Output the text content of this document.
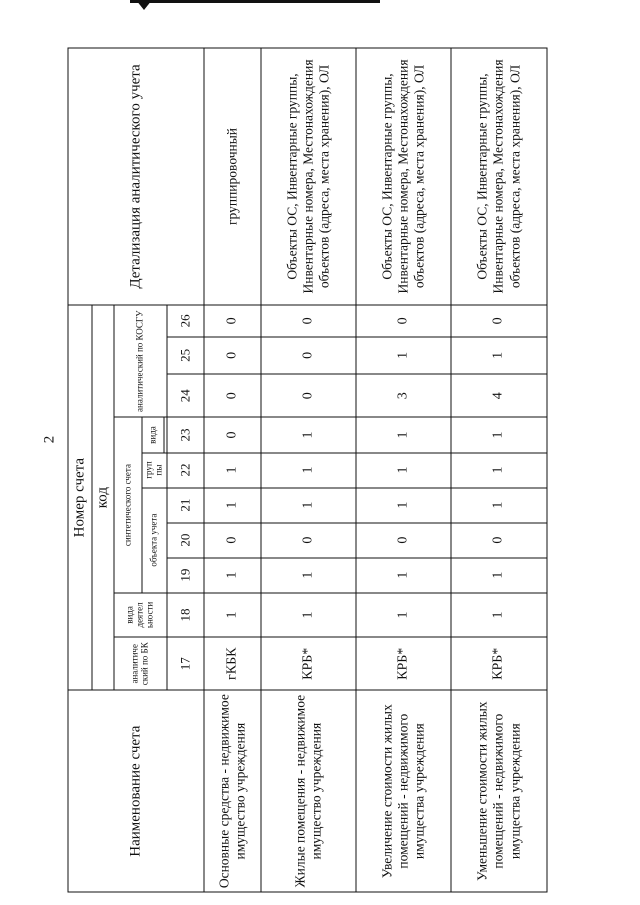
2
Наименование счета	Номер счета										Детализация аналитического учета
	код										
	аналитиче ский по БК	вида деятел ьности	синтетического счета					аналитический по КОСГУ			
			объекта учета			груп пы	вида				

	17	18	19	20	21	22	23	24	25	26	
Основные средства - недвижимое имущество учреждения	гКБК	1	1	0	1	1	0	0	0	0	группировочный
Жилые помещения - недвижимое имущество учреждения	КРБ*	1	1	0	1	1	1	0	0	0	Объекты ОС, Инвентарные группы, Инвентарные номера, Местонахождения объектов (адреса, места хранения), ОЛ
Увеличение стоимости жилых помещений - недвижимого имущества учреждения	КРБ*	1	1	0	1	1	1	3	1	0	Объекты ОС, Инвентарные группы, Инвентарные номера, Местонахождения объектов (адреса, места хранения), ОЛ
Уменьшение стоимости жилых помещений - недвижимого имущества учреждения	КРБ*	1	1	0	1	1	1	4	1	0	Объекты ОС, Инвентарные группы, Инвентарные номера, Местонахождения объектов (адреса, места хранения), ОЛ
